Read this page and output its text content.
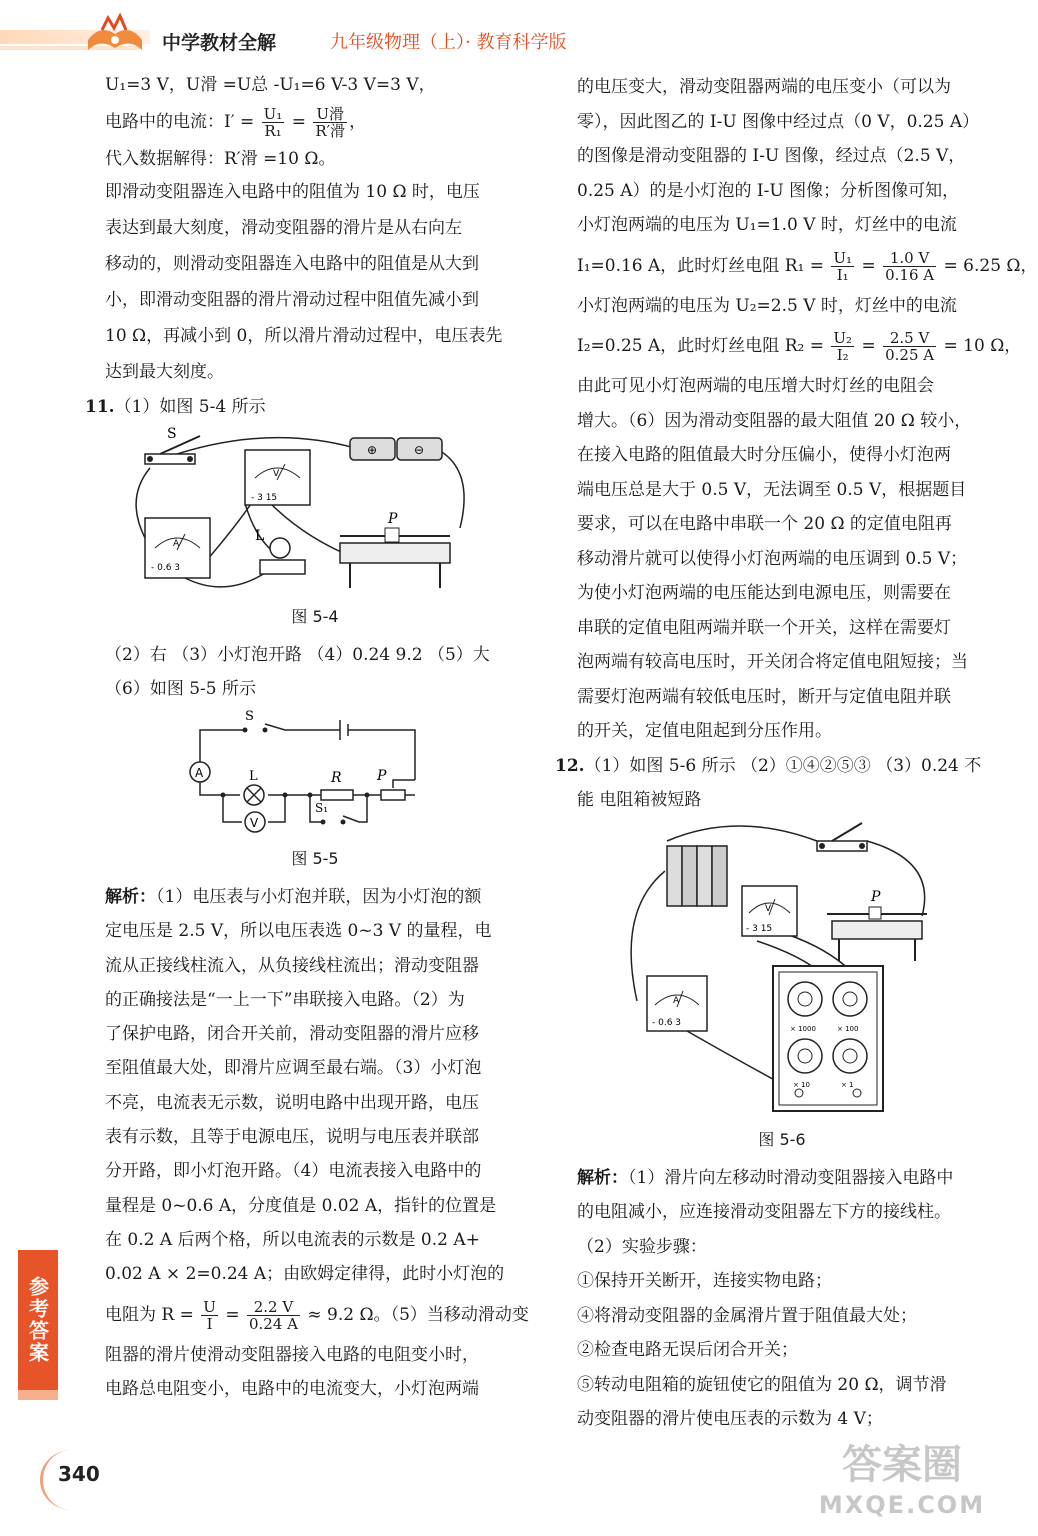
中学教材全解	九年级物理（上）· 教育科学版
U₁=3 V，U滑 =U总 -U₁=6 V-3 V=3 V，
电路中的电流：$I' = \frac{\text{U₁}}{\text{R₁}} = \frac{\text{U滑}}{\text{R′滑}}$ ，
代入数据解得：R′滑 =10 Ω。
即滑动变阻器连入电路中的阻值为 10 Ω 时，电压
表达到最大刻度，滑动变阻器的滑片是从右向左
移动的，则滑动变阻器连入电路中的阻值是从大到
小，即滑动变阻器的滑片滑动过程中阻值先减小到
10 Ω，再减小到 0，所以滑片滑动过程中，电压表先
达到最大刻度。
11.（1）如图 5-4 所示
S
⊕	⊖
V
- 3 15
A
- 0.6 3
L
P
图 5-4
（2）右 （3）小灯泡开路 （4）0.24 9.2 （5）大
（6）如图 5-5 所示
A	L	R	P
V
S₁
S
图 5-5
解析：（1）电压表与小灯泡并联，因为小灯泡的额
定电压是 2.5 V，所以电压表选 0~3 V 的量程，电
流从正接线柱流入，从负接线柱流出；滑动变阻器
的正确接法是“一上一下”串联接入电路。（2）为
了保护电路，闭合开关前，滑动变阻器的滑片应移
至阻值最大处，即滑片应调至最右端。（3）小灯泡
不亮，电流表无示数，说明电路中出现开路，电压
表有示数，且等于电源电压，说明与电压表并联部
分开路，即小灯泡开路。（4）电流表接入电路中的
量程是 0~0.6 A，分度值是 0.02 A，指针的位置是
在 0.2 A 后两个格，所以电流表的示数是 0.2 A+
0.02 A × 2=0.24 A；由欧姆定律得，此时小灯泡的
电阻为 $R = \frac{U}{I} = \frac{2.2 V}{0.24 A} \approx 9.2$ Ω。（5）当移动滑动变
阻器的滑片使滑动变阻器接入电路的电阻变小时，
电路总电阻变小，电路中的电流变大，小灯泡两端
的电压变大，滑动变阻器两端的电压变小（可以为
零），因此图乙的 I-U 图像中经过点（0 V，0.25 A）
的图像是滑动变阻器的 I-U 图像，经过点（2.5 V，
0.25 A）的是小灯泡的 I-U 图像；分析图像可知，
小灯泡两端的电压为 U₁=1.0 V 时，灯丝中的电流
I₁=0.16 A，此时灯丝电阻 $R_1 = \frac{\text{U₁}}{\text{I₁}} = \frac{1.0 V}{0.16 A} = 6.25$ Ω，
小灯泡两端的电压为 U₂=2.5 V 时，灯丝中的电流
I₂=0.25 A，此时灯丝电阻 $R_2 = \frac{\text{U₂}}{\text{I₂}} = \frac{2.5 V}{0.25 A} = 10$ Ω，
由此可见小灯泡两端的电压增大时灯丝的电阻会
增大。（6）因为滑动变阻器的最大阻值 20 Ω 较小，
在接入电路的阻值最大时分压偏小，使得小灯泡两
端电压总是大于 0.5 V，无法调至 0.5 V，根据题目
要求，可以在电路中串联一个 20 Ω 的定值电阻再
移动滑片就可以使得小灯泡两端的电压调到 0.5 V；
为使小灯泡两端的电压能达到电源电压，则需要在
串联的定值电阻两端并联一个开关，这样在需要灯
泡两端有较高电压时，开关闭合将定值电阻短接；当
需要灯泡两端有较低电压时，断开与定值电阻并联
的开关，定值电阻起到分压作用。
12.（1）如图 5-6 所示 （2）①④②⑤③ （3）0.24 不
能 电阻箱被短路
V
- 3 15
P
A
- 0.6 3
× 1000	× 100
× 10	× 1
图 5-6
解析：（1）滑片向左移动时滑动变阻器接入电路中
的电阻减小，应连接滑动变阻器左下方的接线柱。
（2）实验步骤：
①保持开关断开，连接实物电路；
④将滑动变阻器的金属滑片置于阻值最大处；
②检查电路无误后闭合开关；
⑤转动电阻箱的旋钮使它的阻值为 20 Ω，调节滑
动变阻器的滑片使电压表的示数为 4 V；
参考答案
340	答案圈
MXQE.COM
